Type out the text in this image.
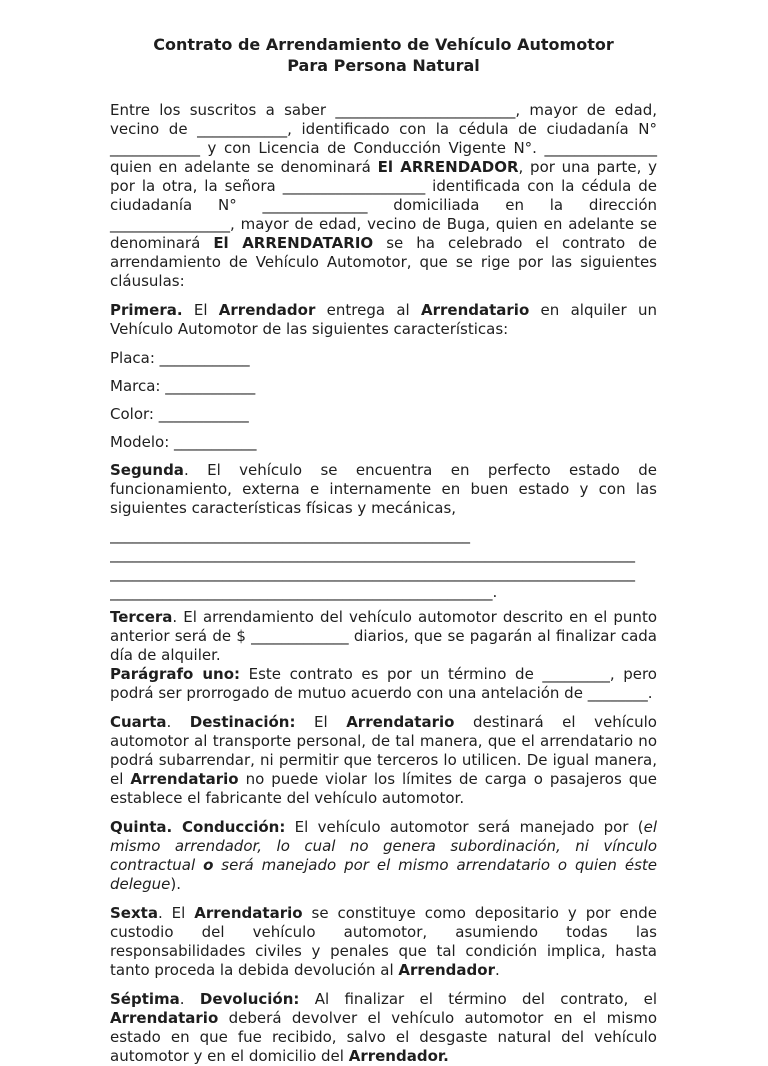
Contrato de Arrendamiento de Vehículo Automotor
Para Persona Natural

Entre los suscritos a saber ________________________, mayor de edad, vecino de ____________, identificado con la cédula de ciudadanía N° ____________ y con Licencia de Conducción Vigente N°. _______________ quien en adelante se denominará El ARRENDADOR, por una parte, y por la otra, la señora ___________________ identificada con la cédula de ciudadanía N° ______________ domiciliada en la dirección ________________, mayor de edad, vecino de Buga, quien en adelante se denominará El ARRENDATARIO se ha celebrado el contrato de arrendamiento de Vehículo Automotor, que se rige por las siguientes cláusulas:

Primera. El Arrendador entrega al Arrendatario en alquiler un Vehículo Automotor de las siguientes características:

Placa: ____________

Marca: ____________

Color: ____________

Modelo: ___________

Segunda. El vehículo se encuentra en perfecto estado de funcionamiento, externa e internamente en buen estado y con las siguientes características físicas y mecánicas,

________________________________________________

______________________________________________________________________

______________________________________________________________________

___________________________________________________.

Tercera. El arrendamiento del vehículo automotor descrito en el punto anterior será de $ _____________ diarios, que se pagarán al finalizar cada día de alquiler.

Parágrafo uno: Este contrato es por un término de _________, pero podrá ser prorrogado de mutuo acuerdo con una antelación de ________.

Cuarta. Destinación: El Arrendatario destinará el vehículo automotor al transporte personal, de tal manera, que el arrendatario no podrá subarrendar, ni permitir que terceros lo utilicen. De igual manera, el Arrendatario no puede violar los límites de carga o pasajeros que establece el fabricante del vehículo automotor.

Quinta. Conducción: El vehículo automotor será manejado por (el mismo arrendador, lo cual no genera subordinación, ni vínculo contractual o será manejado por el mismo arrendatario o quien éste delegue).

Sexta. El Arrendatario se constituye como depositario y por ende custodio del vehículo automotor, asumiendo todas las responsabilidades civiles y penales que tal condición implica, hasta tanto proceda la debida devolución al Arrendador.

Séptima. Devolución: Al finalizar el término del contrato, el Arrendatario deberá devolver el vehículo automotor en el mismo estado en que fue recibido, salvo el desgaste natural del vehículo automotor y en el domicilio del Arrendador.
